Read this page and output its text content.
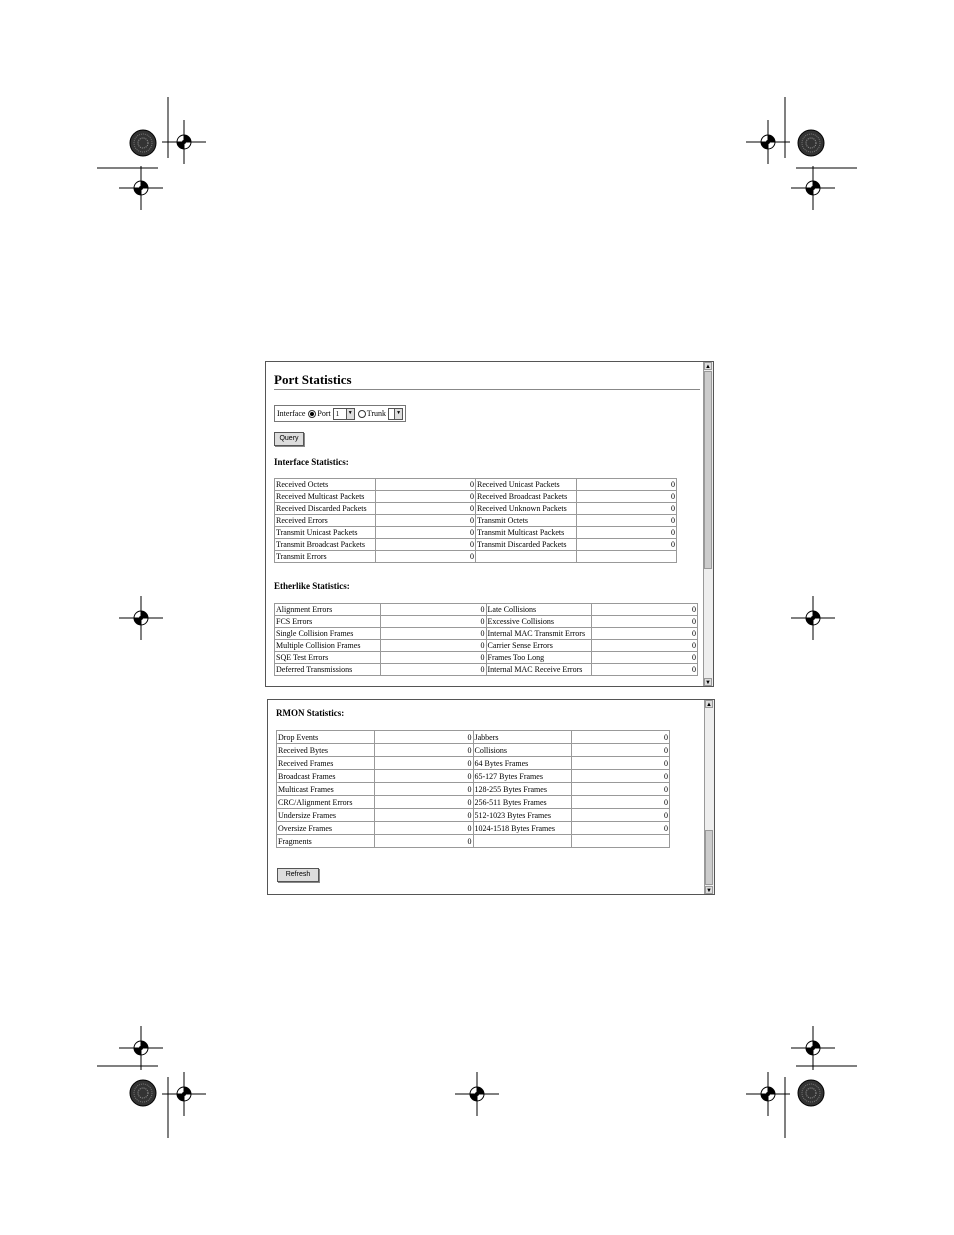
Port Statistics
Interface Port 1	▼ Trunk	▼
Query
Interface Statistics:
Received Octets	0	Received Unicast Packets	0
Received Multicast Packets	0	Received Broadcast Packets	0
Received Discarded Packets	0	Received Unknown Packets	0
Received Errors	0	Transmit Octets	0
Transmit Unicast Packets	0	Transmit Multicast Packets	0
Transmit Broadcast Packets	0	Transmit Discarded Packets	0
Transmit Errors	0		
Etherlike Statistics:
Alignment Errors	0	Late Collisions	0
FCS Errors	0	Excessive Collisions	0
Single Collision Frames	0	Internal MAC Transmit Errors	0
Multiple Collision Frames	0	Carrier Sense Errors	0
SQE Test Errors	0	Frames Too Long	0
Deferred Transmissions	0	Internal MAC Receive Errors	0
▲
▼
RMON Statistics:
Drop Events	0	Jabbers	0
Received Bytes	0	Collisions	0
Received Frames	0	64 Bytes Frames	0
Broadcast Frames	0	65-127 Bytes Frames	0
Multicast Frames	0	128-255 Bytes Frames	0
CRC/Alignment Errors	0	256-511 Bytes Frames	0
Undersize Frames	0	512-1023 Bytes Frames	0
Oversize Frames	0	1024-1518 Bytes Frames	0
Fragments	0		
Refresh
▲
▼
